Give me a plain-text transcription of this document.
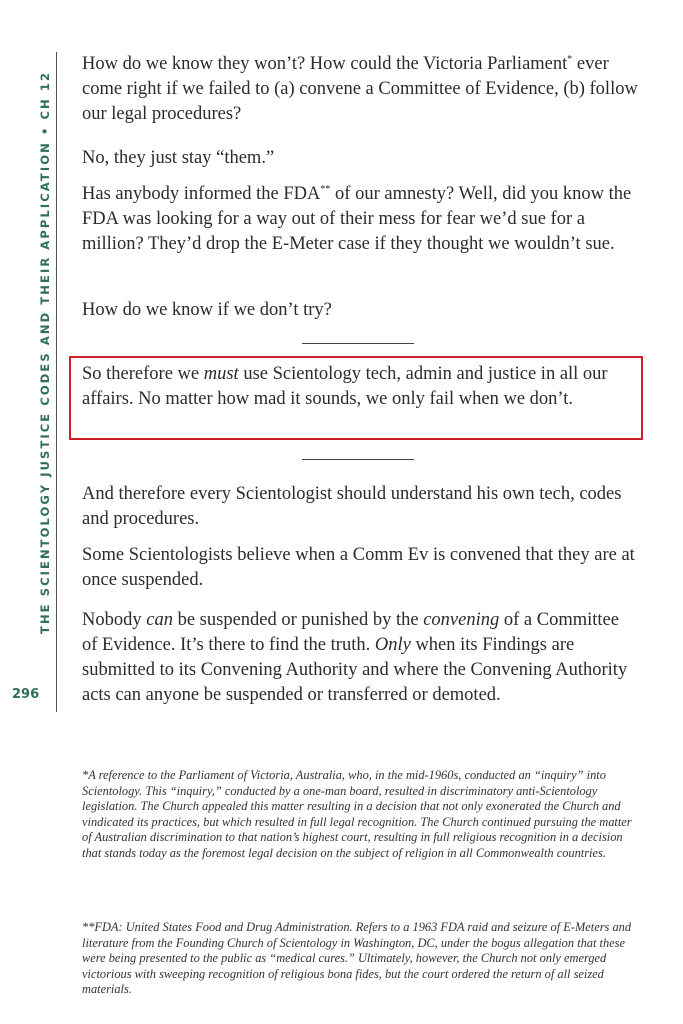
THE SCIENTOLOGY JUSTICE CODES AND THEIR APPLICATION • CH 12
296

How do we know they won’t? How could the Victoria Parliament* ever come right if we failed to (a) convene a Committee of Evidence, (b) follow our legal procedures?

No, they just stay “them.”

Has anybody informed the FDA** of our amnesty? Well, did you know the FDA was looking for a way out of their mess for fear we’d sue for a million? They’d drop the E-Meter case if they thought we wouldn’t sue.

How do we know if we don’t try?

So therefore we must use Scientology tech, admin and justice in all our affairs. No matter how mad it sounds, we only fail when we don’t.

And therefore every Scientologist should understand his own tech, codes and procedures.

Some Scientologists believe when a Comm Ev is convened that they are at once suspended.

Nobody can be suspended or punished by the convening of a Committee of Evidence. It’s there to find the truth. Only when its Findings are submitted to its Convening Authority and where the Convening Authority acts can anyone be suspended or transferred or demoted.

*A reference to the Parliament of Victoria, Australia, who, in the mid-1960s, conducted an “inquiry” into Scientology. This “inquiry,” conducted by a one-man board, resulted in discriminatory anti-Scientology legislation. The Church appealed this matter resulting in a decision that not only exonerated the Church and vindicated its practices, but which resulted in full legal recognition. The Church continued pursuing the matter of Australian discrimination to that nation’s highest court, resulting in full religious recognition in a decision that stands today as the foremost legal decision on the subject of religion in all Commonwealth countries.

**FDA: United States Food and Drug Administration. Refers to a 1963 FDA raid and seizure of E-Meters and literature from the Founding Church of Scientology in Washington, DC, under the bogus allegation that these were being presented to the public as “medical cures.” Ultimately, however, the Church not only emerged victorious with sweeping recognition of religious bona fides, but the court ordered the return of all seized materials.
